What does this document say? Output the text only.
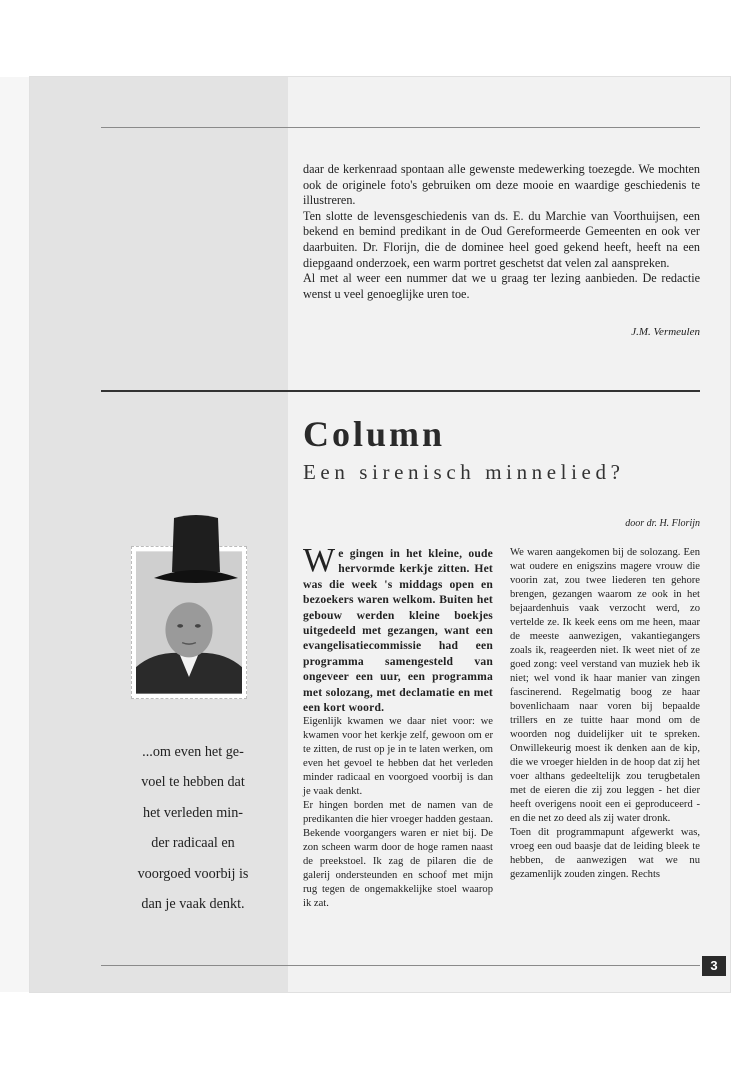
daar de kerkenraad spontaan alle gewenste medewerking toezegde. We mochten ook de originele foto's gebruiken om deze mooie en waardige geschiedenis te illustreren.

Ten slotte de levensgeschiedenis van ds. E. du Marchie van Voorthuijsen, een bekend en bemind predikant in de Oud Gereformeerde Gemeenten en ook ver daarbuiten. Dr. Florijn, die de dominee heel goed gekend heeft, heeft na een diepgaand onderzoek, een warm portret geschetst dat velen zal aanspreken.

Al met al weer een nummer dat we u graag ter lezing aanbieden. De redactie wenst u veel genoeglijke uren toe.

J.M. Vermeulen
Column
Een sirenisch minnelied?
door dr. H. Florijn
...om even het ge-
voel te hebben dat
het verleden min-
der radicaal en
voorgoed voorbij is
dan je vaak denkt.

We gingen in het kleine, oude hervormde kerkje zitten. Het was die week 's middags open en bezoekers waren welkom. Buiten het gebouw werden kleine boekjes uitgedeeld met gezangen, want een evangelisatiecommissie had een programma samengesteld van ongeveer een uur, een programma met solozang, met declamatie en met een kort woord.

Eigenlijk kwamen we daar niet voor: we kwamen voor het kerkje zelf, gewoon om er te zitten, de rust op je in te laten werken, om even het gevoel te hebben dat het verleden minder radicaal en voorgoed voorbij is dan je vaak denkt.

Er hingen borden met de namen van de predikanten die hier vroeger hadden gestaan. Bekende voorgangers waren er niet bij. De zon scheen warm door de hoge ramen naast de preekstoel. Ik zag de pilaren die de galerij ondersteunden en schoof met mijn rug tegen de ongemakkelijke stoel waarop ik zat.

We waren aangekomen bij de solozang. Een wat oudere en enigszins magere vrouw die voorin zat, zou twee liederen ten gehore brengen, gezangen waarom ze ook in het bejaardenhuis vaak verzocht werd, zo vertelde ze. Ik keek eens om me heen, maar de meeste aanwezigen, vakantiegangers zoals ik, reageerden niet. Ik weet niet of ze goed zong: veel verstand van muziek heb ik niet; wel vond ik haar manier van zingen fascinerend. Regelmatig boog ze haar bovenlichaam naar voren bij bepaalde trillers en ze tuitte haar mond om de woorden nog duidelijker uit te spreken. Onwillekeurig moest ik denken aan de kip, die we vroeger hielden in de hoop dat zij het voer althans gedeeltelijk zou terugbetalen met de eieren die zij zou leggen - het dier heeft overigens nooit een ei geproduceerd - en die net zo deed als zij water dronk.

Toen dit programmapunt afgewerkt was, vroeg een oud baasje dat de leiding bleek te hebben, de aanwezigen wat we nu gezamenlijk zouden zingen. Rechts

3
